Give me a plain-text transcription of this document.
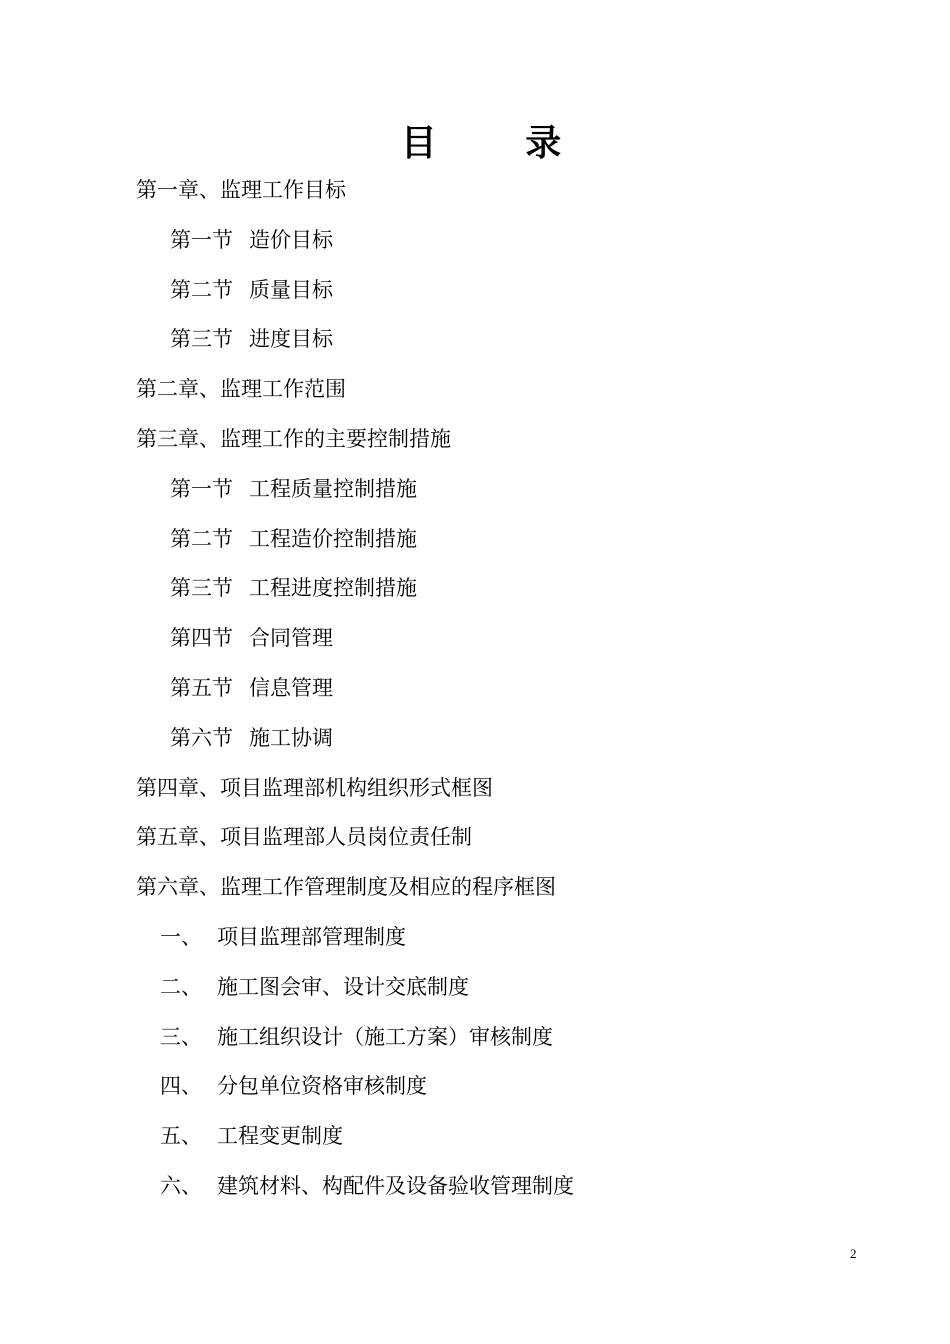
目 录
第一章、监理工作目标
第一节 造价目标
第二节 质量目标
第三节 进度目标
第二章、监理工作范围
第三章、监理工作的主要控制措施
第一节 工程质量控制措施
第二节 工程造价控制措施
第三节 工程进度控制措施
第四节 合同管理
第五节 信息管理
第六节 施工协调
第四章、项目监理部机构组织形式框图
第五章、项目监理部人员岗位责任制
第六章、监理工作管理制度及相应的程序框图
一、 项目监理部管理制度
二、 施工图会审、设计交底制度
三、 施工组织设计（施工方案）审核制度
四、 分包单位资格审核制度
五、 工程变更制度
六、 建筑材料、构配件及设备验收管理制度
2
